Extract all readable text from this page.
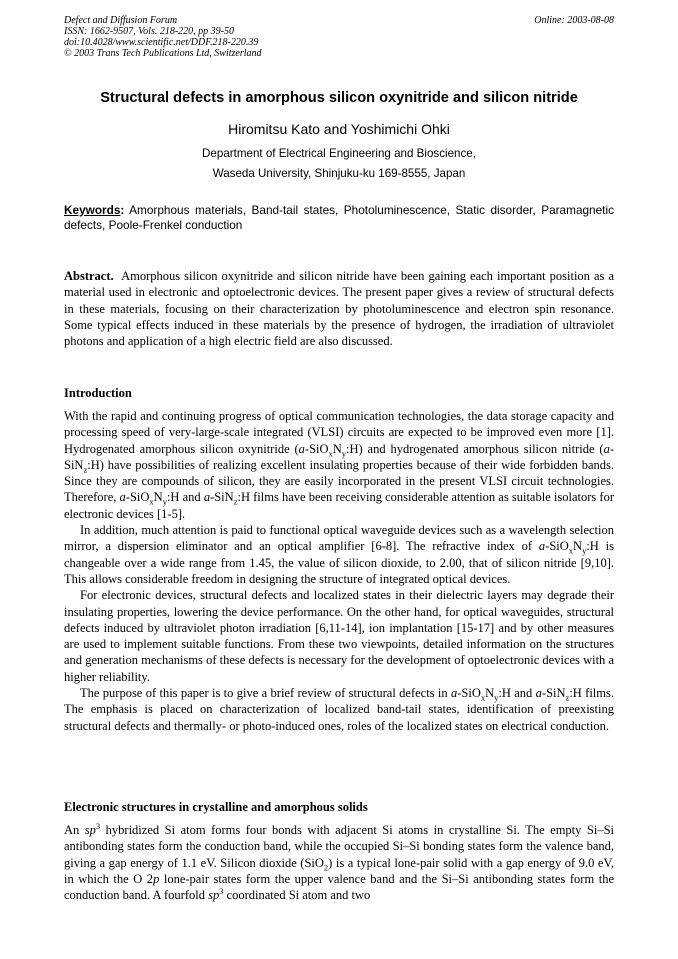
Defect and Diffusion Forum
ISSN: 1662-9507, Vols. 218-220, pp 39-50
doi:10.4028/www.scientific.net/DDF.218-220.39
© 2003 Trans Tech Publications Ltd, Switzerland
Online: 2003-08-08
Structural defects in amorphous silicon oxynitride and silicon nitride
Hiromitsu Kato and Yoshimichi Ohki
Department of Electrical Engineering and Bioscience,
Waseda University, Shinjuku-ku 169-8555, Japan
Keywords: Amorphous materials, Band-tail states, Photoluminescence, Static disorder, Paramagnetic defects, Poole-Frenkel conduction

Abstract. Amorphous silicon oxynitride and silicon nitride have been gaining each important position as a material used in electronic and optoelectronic devices. The present paper gives a review of structural defects in these materials, focusing on their characterization by photoluminescence and electron spin resonance. Some typical effects induced in these materials by the presence of hydrogen, the irradiation of ultraviolet photons and application of a high electric field are also discussed.

Introduction

With the rapid and continuing progress of optical communication technologies, the data storage capacity and processing speed of very-large-scale integrated (VLSI) circuits are expected to be improved even more [1]. Hydrogenated amorphous silicon oxynitride $(a-SiO_xN_y:H)$ and hydrogenated amorphous silicon nitride (a-SiN$_z$:H) have possibilities of realizing excellent insulating properties because of their wide forbidden bands. Since they are compounds of silicon, they are easily incorporated in the present VLSI circuit technologies. Therefore, $a-SiO_xN_y:H$ and a-SiN$_z$:H films have been receiving considerable attention as suitable isolators for electronic devices [1-5].

In addition, much attention is paid to functional optical waveguide devices such as a wavelength selection mirror, a dispersion eliminator and an optical amplifier [6-8]. The refractive index of $a-SiO_xN_y:H$ is changeable over a wide range from 1.45, the value of silicon dioxide, to 2.00, that of silicon nitride [9,10]. This allows considerable freedom in designing the structure of integrated optical devices.

For electronic devices, structural defects and localized states in their dielectric layers may degrade their insulating properties, lowering the device performance. On the other hand, for optical waveguides, structural defects induced by ultraviolet photon irradiation [6,11-14], ion implantation [15-17] and by other measures are used to implement suitable functions. From these two viewpoints, detailed information on the structures and generation mechanisms of these defects is necessary for the development of optoelectronic devices with a higher reliability.

The purpose of this paper is to give a brief review of structural defects in $a-SiO_xN_y:H$ and a-SiN$_z$:H films. The emphasis is placed on characterization of localized band-tail states, identification of preexisting structural defects and thermally- or photo-induced ones, roles of the localized states on electrical conduction.

Electronic structures in crystalline and amorphous solids

An $sp^3$ hybridized Si atom forms four bonds with adjacent Si atoms in crystalline Si. The empty Si–Si antibonding states form the conduction band, while the occupied Si–Si bonding states form the valence band, giving a gap energy of 1.1 eV. Silicon dioxide (SiO$_2$) is a typical lone-pair solid with a gap energy of 9.0 eV, in which the O 2p lone-pair states form the upper valence band and the Si–Si antibonding states form the conduction band. A fourfold $sp^3$ coordinated Si atom and two
